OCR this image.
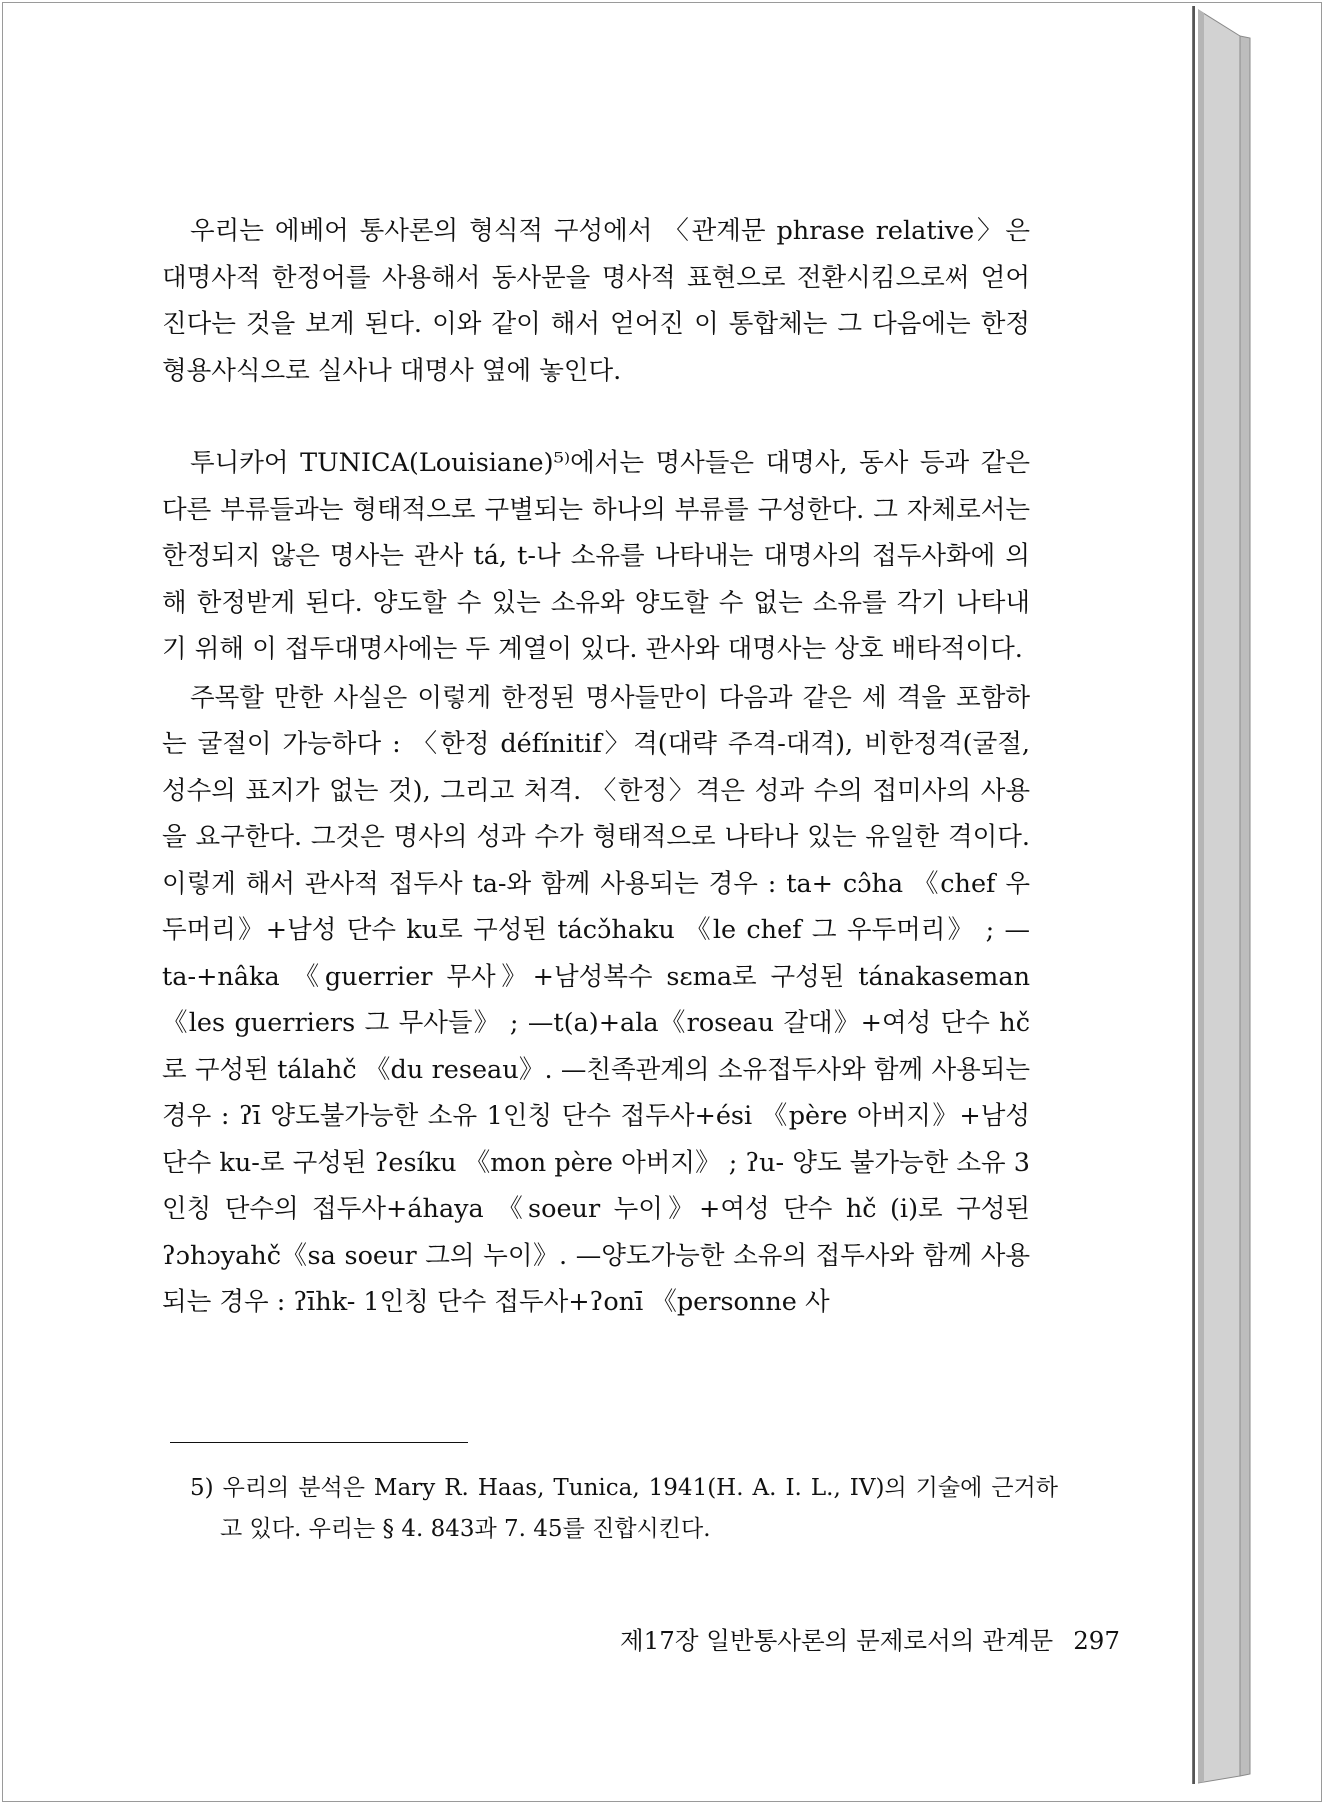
우리는 에베어 통사론의 형식적 구성에서 〈관계문 phrase relative〉은 대명사적 한정어를 사용해서 동사문을 명사적 표현으로 전환시킴으로써 얻어진다는 것을 보게 된다. 이와 같이 해서 얻어진 이 통합체는 그 다음에는 한정 형용사식으로 실사나 대명사 옆에 놓인다.

투니카어 TUNICA(Louisiane)⁵⁾에서는 명사들은 대명사, 동사 등과 같은 다른 부류들과는 형태적으로 구별되는 하나의 부류를 구성한다. 그 자체로서는 한정되지 않은 명사는 관사 tá, t-나 소유를 나타내는 대명사의 접두사화에 의해 한정받게 된다. 양도할 수 있는 소유와 양도할 수 없는 소유를 각기 나타내기 위해 이 접두대명사에는 두 계열이 있다. 관사와 대명사는 상호 배타적이다.

주목할 만한 사실은 이렇게 한정된 명사들만이 다음과 같은 세 격을 포함하는 굴절이 가능하다 : 〈한정 défínitif〉격(대략 주격-대격), 비한정격(굴절, 성수의 표지가 없는 것), 그리고 처격. 〈한정〉격은 성과 수의 접미사의 사용을 요구한다. 그것은 명사의 성과 수가 형태적으로 나타나 있는 유일한 격이다. 이렇게 해서 관사적 접두사 ta-와 함께 사용되는 경우 : ta+ cɔ̂ha 《chef 우두머리》+남성 단수 ku로 구성된 tácɔ̌haku 《le chef 그 우두머리》 ; —ta-+nâka 《guerrier 무사》+남성복수 sɛma로 구성된 tánakaseman《les guerriers 그 무사들》 ; —t(a)+ala《roseau 갈대》+여성 단수 hč로 구성된 tálahč 《du reseau》. —친족관계의 소유접두사와 함께 사용되는 경우 : ʔī 양도불가능한 소유 1인칭 단수 접두사+ési 《père 아버지》+남성 단수 ku-로 구성된 ʔesíku 《mon père 아버지》 ; ʔu- 양도 불가능한 소유 3인칭 단수의 접두사+áhaya 《soeur 누이》+여성 단수 hč (i)로 구성된 ʔɔhɔyahč《sa soeur 그의 누이》. —양도가능한 소유의 접두사와 함께 사용되는 경우 : ʔīhk- 1인칭 단수 접두사+ʔonī 《personne 사

5) 우리의 분석은 Mary R. Haas, Tunica, 1941(H. A. I. L., IV)의 기술에 근거하고 있다. 우리는 § 4. 843과 7. 45를 진합시킨다.

제17장 일반통사론의 문제로서의 관계문 297
